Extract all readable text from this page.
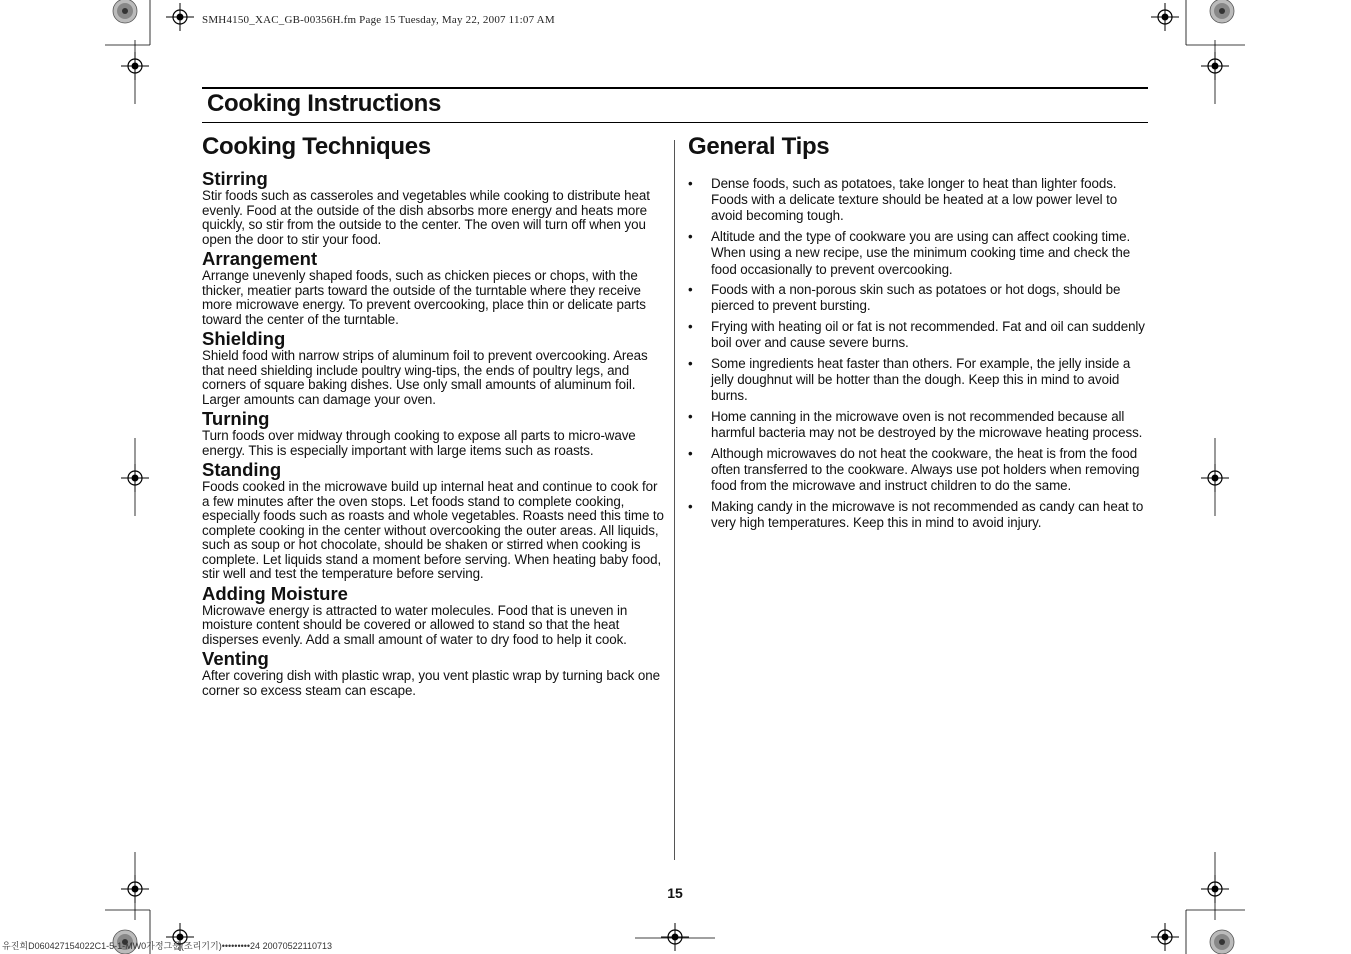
SMH4150_XAC_GB-00356H.fm Page 15 Tuesday, May 22, 2007 11:07 AM
Cooking Instructions
Cooking Techniques
Stirring

Stir foods such as casseroles and vegetables while cooking to distribute heat evenly. Food at the outside of the dish absorbs more energy and heats more quickly, so stir from the outside to the center. The oven will turn off when you open the door to stir your food.

Arrangement

Arrange unevenly shaped foods, such as chicken pieces or chops, with the thicker, meatier parts toward the outside of the turntable where they receive more microwave energy. To prevent overcooking, place thin or delicate parts toward the center of the turntable.

Shielding

Shield food with narrow strips of aluminum foil to prevent overcooking. Areas that need shielding include poultry wing-tips, the ends of poultry legs, and corners of square baking dishes. Use only small amounts of aluminum foil. Larger amounts can damage your oven.

Turning

Turn foods over midway through cooking to expose all parts to micro-wave energy. This is especially important with large items such as roasts.

Standing

Foods cooked in the microwave build up internal heat and continue to cook for a few minutes after the oven stops. Let foods stand to complete cooking, especially foods such as roasts and whole vegetables. Roasts need this time to complete cooking in the center without overcooking the outer areas. All liquids, such as soup or hot chocolate, should be shaken or stirred when cooking is complete. Let liquids stand a moment before serving. When heating baby food, stir well and test the temperature before serving.

Adding Moisture

Microwave energy is attracted to water molecules. Food that is uneven in moisture content should be covered or allowed to stand so that the heat disperses evenly. Add a small amount of water to dry food to help it cook.

Venting

After covering dish with plastic wrap, you vent plastic wrap by turning back one corner so excess steam can escape.

General Tips
• Dense foods, such as potatoes, take longer to heat than lighter foods. Foods with a delicate texture should be heated at a low power level to avoid becoming tough.
• Altitude and the type of cookware you are using can affect cooking time. When using a new recipe, use the minimum cooking time and check the food occasionally to prevent overcooking.
• Foods with a non-porous skin such as potatoes or hot dogs, should be pierced to prevent bursting.
• Frying with heating oil or fat is not recommended. Fat and oil can suddenly boil over and cause severe burns.
• Some ingredients heat faster than others. For example, the jelly inside a jelly doughnut will be hotter than the dough. Keep this in mind to avoid burns.
• Home canning in the microwave oven is not recommended because all harmful bacteria may not be destroyed by the microwave heating process.
• Although microwaves do not heat the cookware, the heat is from the food often transferred to the cookware. Always use pot holders when removing food from the microwave and instruct children to do the same.
• Making candy in the microwave is not recommended as candy can heat to very high temperatures. Keep this in mind to avoid injury.
15
유진희D060427154022C1-5-1-MW0가정그룹(조리기기)•••••••••24 20070522110713
